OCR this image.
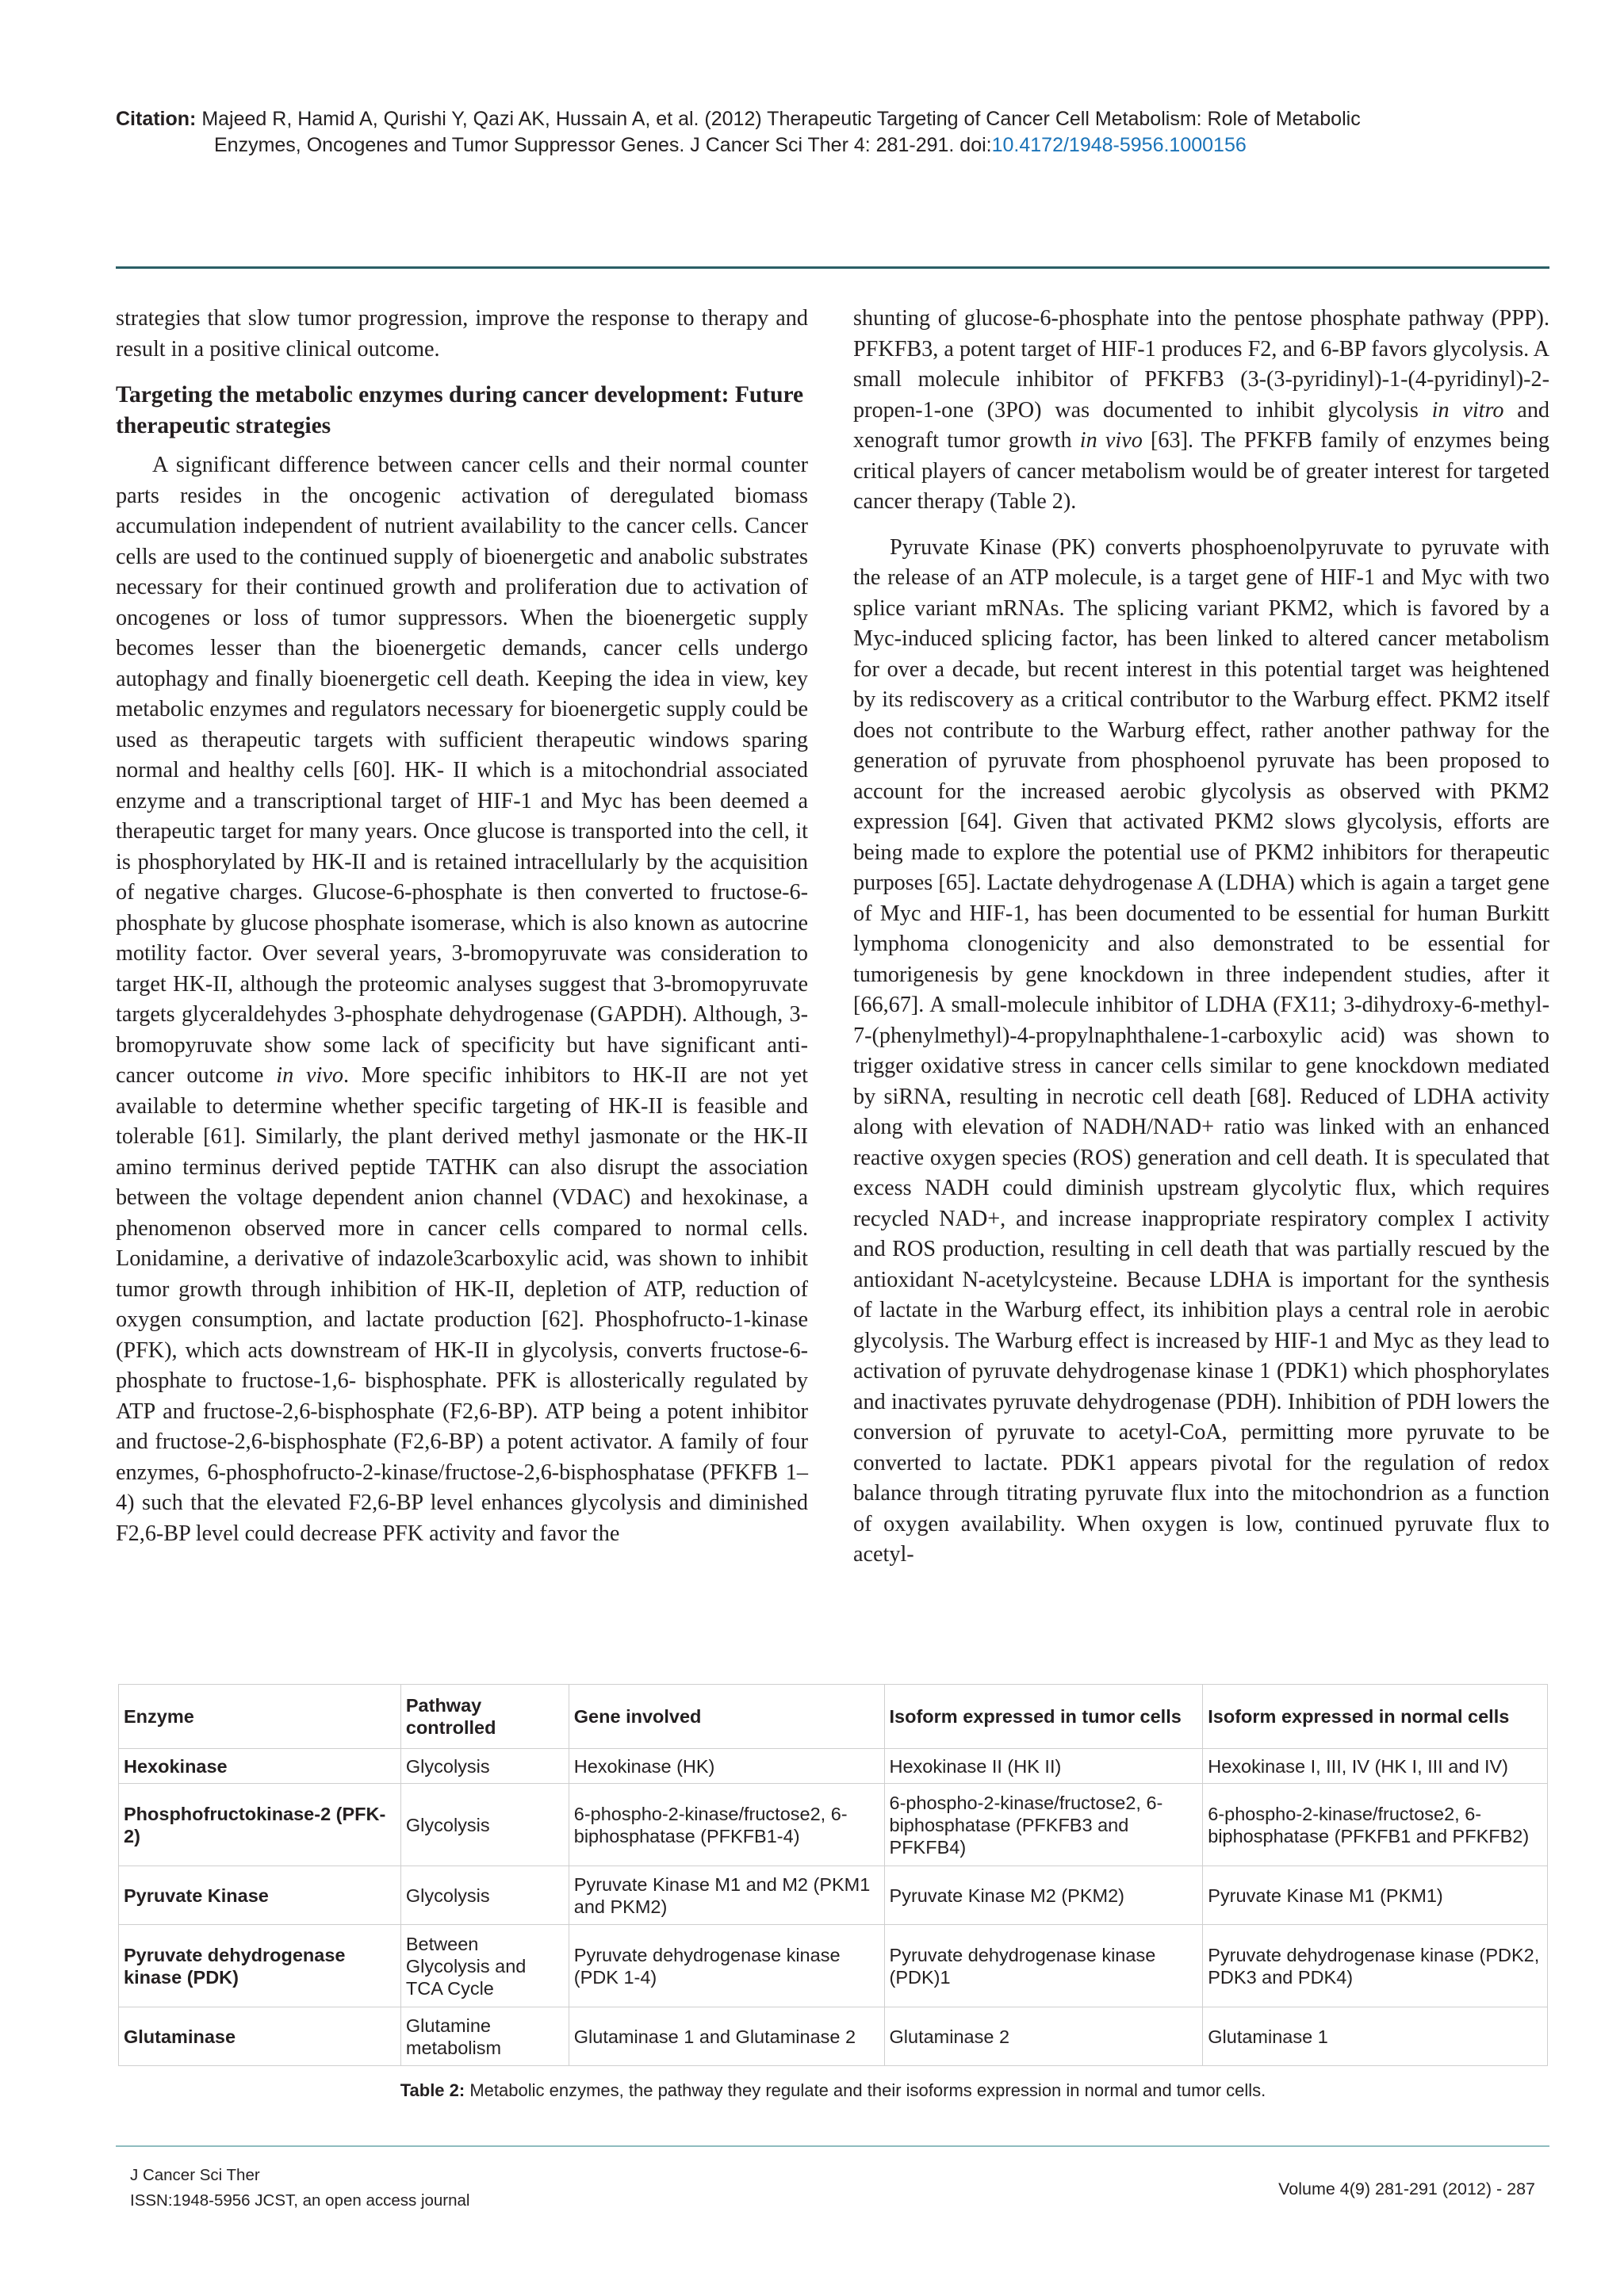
Citation: Majeed R, Hamid A, Qurishi Y, Qazi AK, Hussain A, et al. (2012) Therapeutic Targeting of Cancer Cell Metabolism: Role of Metabolic
Enzymes, Oncogenes and Tumor Suppressor Genes. J Cancer Sci Ther 4: 281-291. doi:10.4172/1948-5956.1000156

strategies that slow tumor progression, improve the response to therapy and result in a positive clinical outcome.

Targeting the metabolic enzymes during cancer development: Future therapeutic strategies

A significant difference between cancer cells and their normal counter parts resides in the oncogenic activation of deregulated biomass accumulation independent of nutrient availability to the cancer cells. Cancer cells are used to the continued supply of bioenergetic and anabolic substrates necessary for their continued growth and proliferation due to activation of oncogenes or loss of tumor suppressors. When the bioenergetic supply becomes lesser than the bioenergetic demands, cancer cells undergo autophagy and finally bioenergetic cell death. Keeping the idea in view, key metabolic enzymes and regulators necessary for bioenergetic supply could be used as therapeutic targets with sufficient therapeutic windows sparing normal and healthy cells [60]. HK- II which is a mitochondrial associated enzyme and a transcriptional target of HIF-1 and Myc has been deemed a therapeutic target for many years. Once glucose is transported into the cell, it is phosphorylated by HK-II and is retained intracellularly by the acquisition of negative charges. Glucose-6-phosphate is then converted to fructose-6-phosphate by glucose phosphate isomerase, which is also known as autocrine motility factor. Over several years, 3-bromopyruvate was consideration to target HK-II, although the proteomic analyses suggest that 3-bromopyruvate targets glyceraldehydes 3-phosphate dehydrogenase (GAPDH). Although, 3-bromopyruvate show some lack of specificity but have significant anti-cancer outcome in vivo. More specific inhibitors to HK-II are not yet available to determine whether specific targeting of HK-II is feasible and tolerable [61]. Similarly, the plant derived methyl jasmonate or the HK-II amino terminus derived peptide TATHK can also disrupt the association between the voltage dependent anion channel (VDAC) and hexokinase, a phenomenon observed more in cancer cells compared to normal cells. Lonidamine, a derivative of indazole3carboxylic acid, was shown to inhibit tumor growth through inhibition of HK-II, depletion of ATP, reduction of oxygen consumption, and lactate production [62]. Phosphofructo-1-kinase (PFK), which acts downstream of HK-II in glycolysis, converts fructose-6-phosphate to fructose-1,6- bisphosphate. PFK is allosterically regulated by ATP and fructose-2,6-bisphosphate (F2,6-BP). ATP being a potent inhibitor and fructose-2,6-bisphosphate (F2,6-BP) a potent activator. A family of four enzymes, 6-phosphofructo-2-kinase/fructose-2,6-bisphosphatase (PFKFB 1–4) such that the elevated F2,6-BP level enhances glycolysis and diminished F2,6-BP level could decrease PFK activity and favor the

shunting of glucose-6-phosphate into the pentose phosphate pathway (PPP). PFKFB3, a potent target of HIF-1 produces F2, and 6-BP favors glycolysis. A small molecule inhibitor of PFKFB3 (3-(3-pyridinyl)-1-(4-pyridinyl)-2-propen-1-one (3PO) was documented to inhibit glycolysis in vitro and xenograft tumor growth in vivo [63]. The PFKFB family of enzymes being critical players of cancer metabolism would be of greater interest for targeted cancer therapy (Table 2).

Pyruvate Kinase (PK) converts phosphoenolpyruvate to pyruvate with the release of an ATP molecule, is a target gene of HIF-1 and Myc with two splice variant mRNAs. The splicing variant PKM2, which is favored by a Myc-induced splicing factor, has been linked to altered cancer metabolism for over a decade, but recent interest in this potential target was heightened by its rediscovery as a critical contributor to the Warburg effect. PKM2 itself does not contribute to the Warburg effect, rather another pathway for the generation of pyruvate from phosphoenol pyruvate has been proposed to account for the increased aerobic glycolysis as observed with PKM2 expression [64]. Given that activated PKM2 slows glycolysis, efforts are being made to explore the potential use of PKM2 inhibitors for therapeutic purposes [65]. Lactate dehydrogenase A (LDHA) which is again a target gene of Myc and HIF-1, has been documented to be essential for human Burkitt lymphoma clonogenicity and also demonstrated to be essential for tumorigenesis by gene knockdown in three independent studies, after it [66,67]. A small-molecule inhibitor of LDHA (FX11; 3-dihydroxy-6-methyl-7-(phenylmethyl)-4-propylnaphthalene-1-carboxylic acid) was shown to trigger oxidative stress in cancer cells similar to gene knockdown mediated by siRNA, resulting in necrotic cell death [68]. Reduced of LDHA activity along with elevation of NADH/NAD+ ratio was linked with an enhanced reactive oxygen species (ROS) generation and cell death. It is speculated that excess NADH could diminish upstream glycolytic flux, which requires recycled NAD+, and increase inappropriate respiratory complex I activity and ROS production, resulting in cell death that was partially rescued by the antioxidant N-acetylcysteine. Because LDHA is important for the synthesis of lactate in the Warburg effect, its inhibition plays a central role in aerobic glycolysis. The Warburg effect is increased by HIF-1 and Myc as they lead to activation of pyruvate dehydrogenase kinase 1 (PDK1) which phosphorylates and inactivates pyruvate dehydrogenase (PDH). Inhibition of PDH lowers the conversion of pyruvate to acetyl-CoA, permitting more pyruvate to be converted to lactate. PDK1 appears pivotal for the regulation of redox balance through titrating pyruvate flux into the mitochondrion as a function of oxygen availability. When oxygen is low, continued pyruvate flux to acetyl-

Enzyme	Pathway controlled	Gene involved	Isoform expressed in tumor cells	Isoform expressed in normal cells
Hexokinase	Glycolysis	Hexokinase (HK)	Hexokinase II (HK II)	Hexokinase I, III, IV (HK I, III and IV)
Phosphofructokinase-2 (PFK-2)	Glycolysis	6-phospho-2-kinase/fructose2, 6-biphosphatase (PFKFB1-4)	6-phospho-2-kinase/fructose2, 6-biphosphatase (PFKFB3 and PFKFB4)	6-phospho-2-kinase/fructose2, 6-biphosphatase (PFKFB1 and PFKFB2)
Pyruvate Kinase	Glycolysis	Pyruvate Kinase M1 and M2 (PKM1 and PKM2)	Pyruvate Kinase M2 (PKM2)	Pyruvate Kinase M1 (PKM1)
Pyruvate dehydrogenase kinase (PDK)	Between Glycolysis and TCA Cycle	Pyruvate dehydrogenase kinase (PDK 1-4)	Pyruvate dehydrogenase kinase (PDK)1	Pyruvate dehydrogenase kinase (PDK2, PDK3 and PDK4)
Glutaminase	Glutamine metabolism	Glutaminase 1 and Glutaminase 2	Glutaminase 2	Glutaminase 1
Table 2: Metabolic enzymes, the pathway they regulate and their isoforms expression in normal and tumor cells.
J Cancer Sci Ther
ISSN:1948-5956 JCST, an open access journal
Volume 4(9) 281-291 (2012) - 287
